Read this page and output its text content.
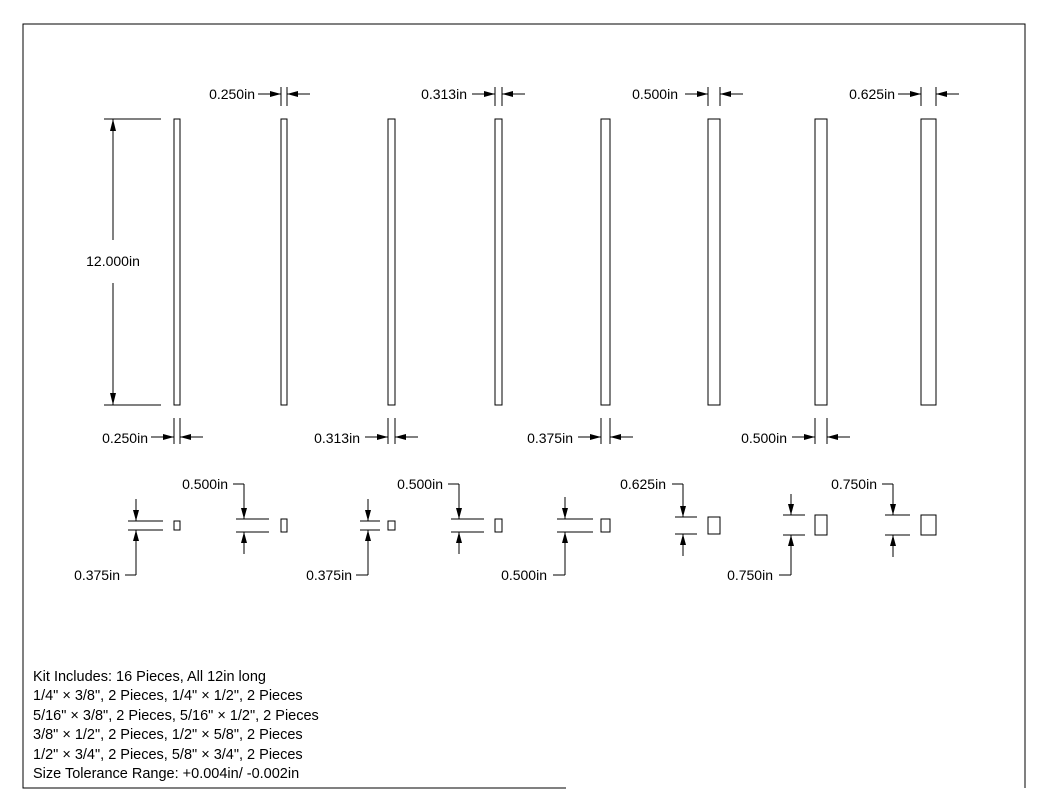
12.000in
0.250in	0.313in	0.500in	0.625in
0.250in	0.313in	0.375in	0.500in
0.375in	0.375in	0.500in	0.750in
0.500in	0.500in	0.625in	0.750in
Kit Includes: 16 Pieces, All 12in long
1/4" × 3/8", 2 Pieces, 1/4" × 1/2", 2 Pieces
5/16" × 3/8", 2 Pieces, 5/16" × 1/2", 2 Pieces
3/8" × 1/2", 2 Pieces, 1/2" × 5/8", 2 Pieces
1/2" × 3/4", 2 Pieces, 5/8" × 3/4", 2 Pieces
Size Tolerance Range: +0.004in/ -0.002in
